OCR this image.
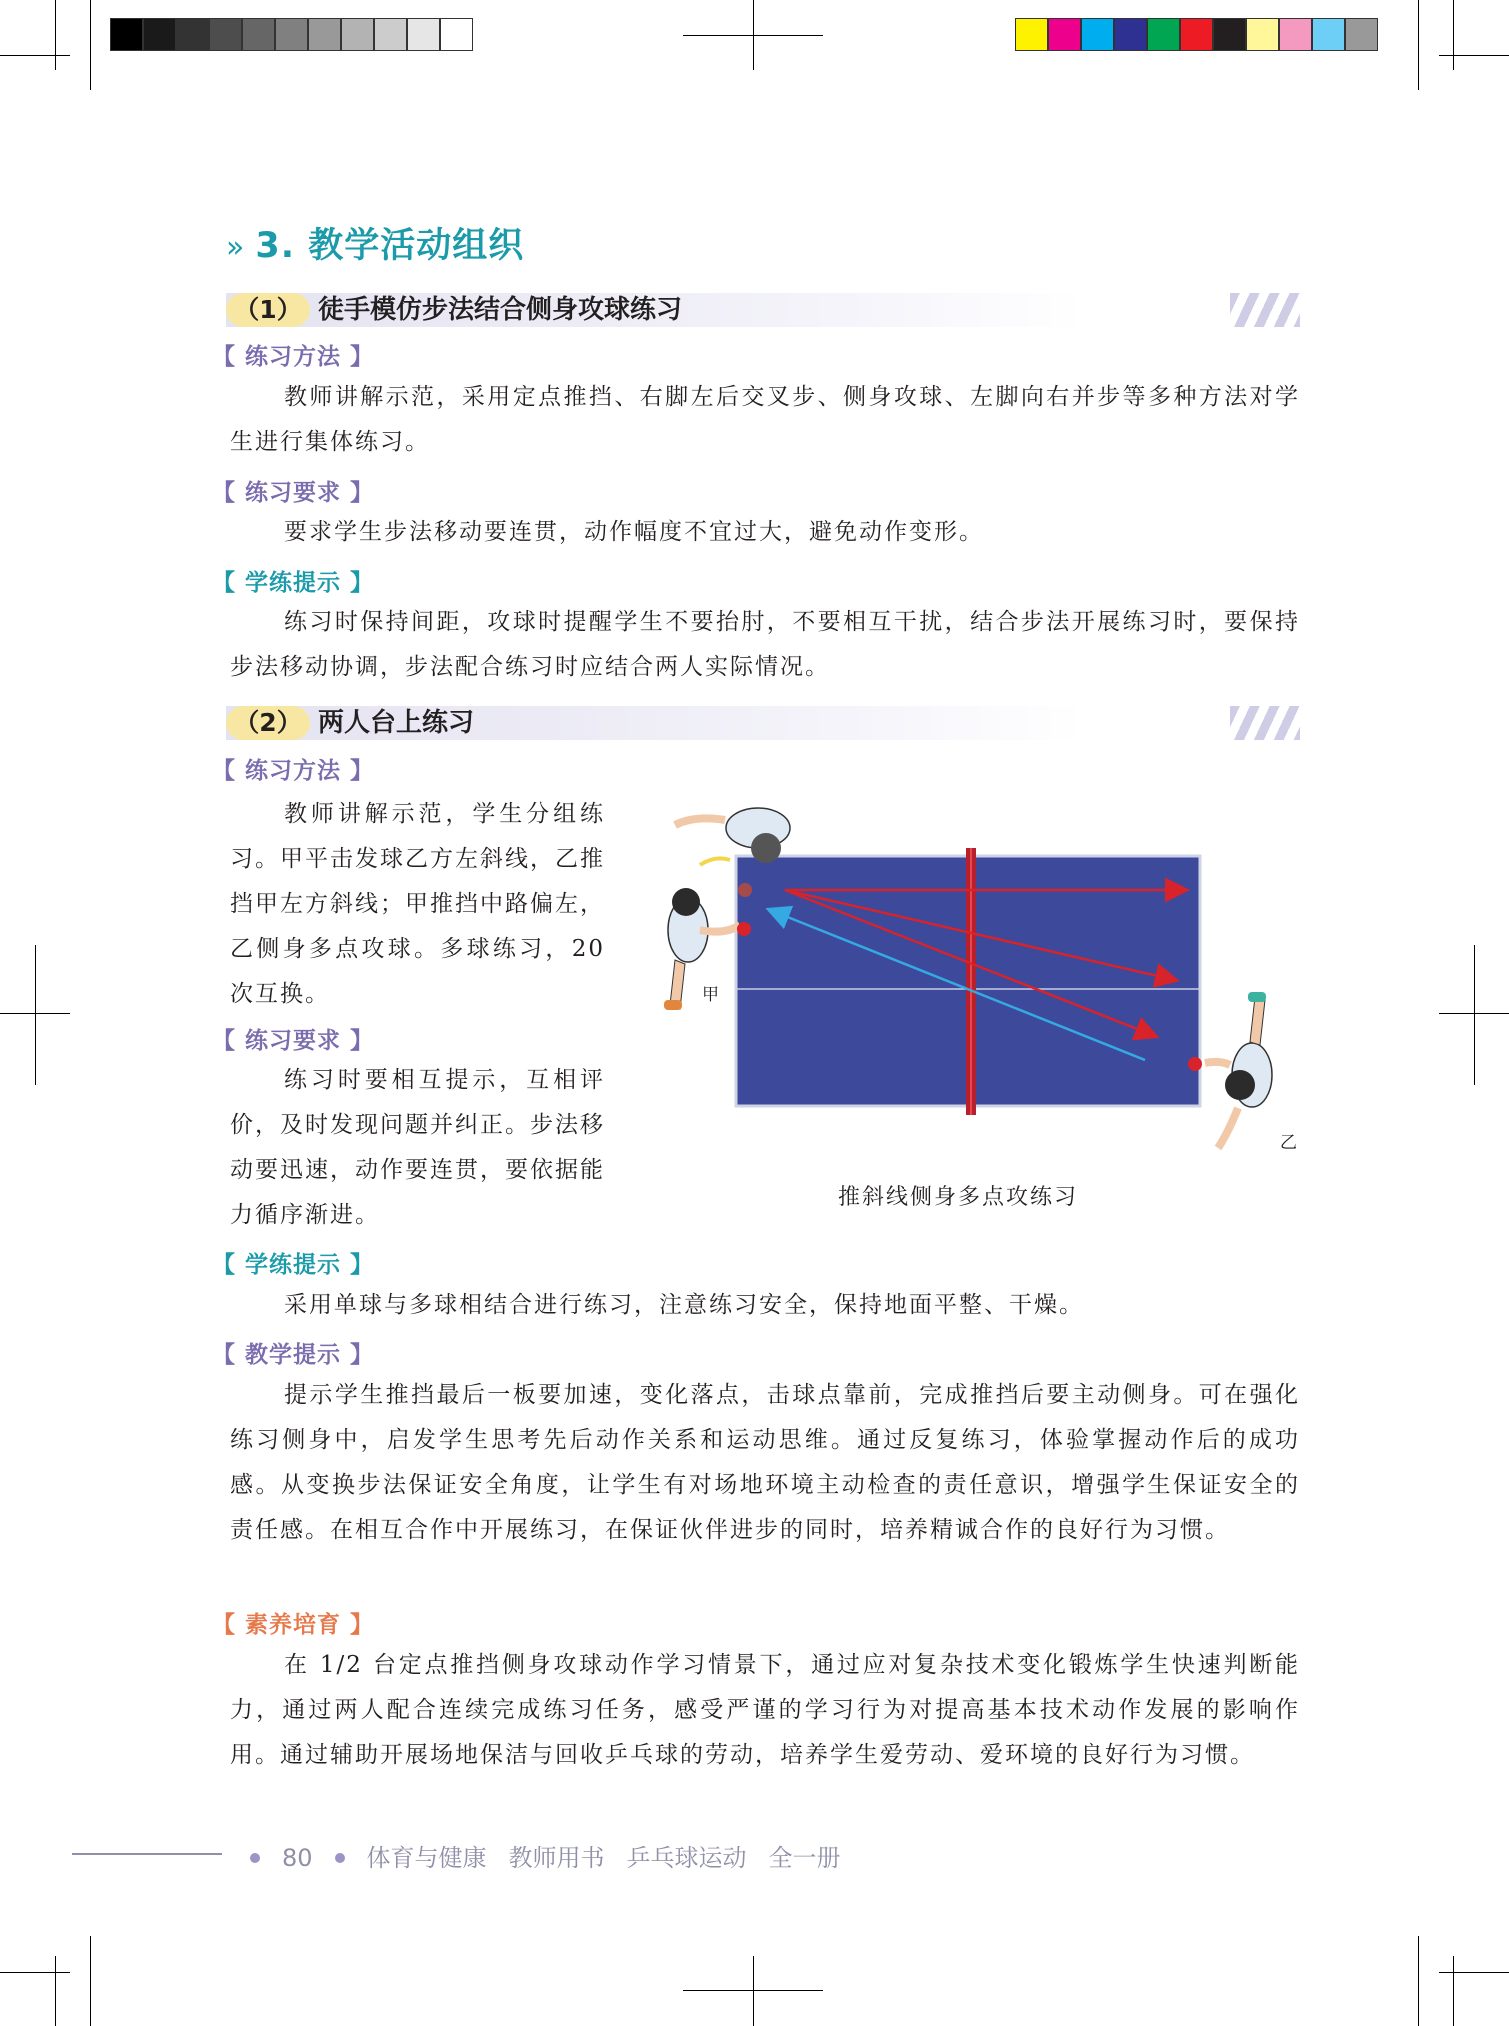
» 3. 教学活动组织
（1） 徒手模仿步法结合侧身攻球练习
【 练习方法 】

教师讲解示范，采用定点推挡、右脚左后交叉步、侧身攻球、左脚向右并步等多种方法对学生进行集体练习。

【 练习要求 】

要求学生步法移动要连贯，动作幅度不宜过大，避免动作变形。

【 学练提示 】

练习时保持间距，攻球时提醒学生不要抬肘，不要相互干扰，结合步法开展练习时，要保持步法移动协调，步法配合练习时应结合两人实际情况。

（2） 两人台上练习
【 练习方法 】

教师讲解示范，学生分组练习。甲平击发球乙方左斜线，乙推挡甲左方斜线；甲推挡中路偏左，乙侧身多点攻球。多球练习，20 次互换。

【 练习要求 】

练习时要相互提示，互相评价，及时发现问题并纠正。步法移动要迅速，动作要连贯，要依据能力循序渐进。

甲
乙
推斜线侧身多点攻练习
【 学练提示 】

采用单球与多球相结合进行练习，注意练习安全，保持地面平整、干燥。

【 教学提示 】

提示学生推挡最后一板要加速，变化落点，击球点靠前，完成推挡后要主动侧身。可在强化练习侧身中，启发学生思考先后动作关系和运动思维。通过反复练习，体验掌握动作后的成功感。从变换步法保证安全角度，让学生有对场地环境主动检查的责任意识，增强学生保证安全的责任感。在相互合作中开展练习，在保证伙伴进步的同时，培养精诚合作的良好行为习惯。

【 素养培育 】

在 1/2 台定点推挡侧身攻球动作学习情景下，通过应对复杂技术变化锻炼学生快速判断能力，通过两人配合连续完成练习任务，感受严谨的学习行为对提高基本技术动作发展的影响作用。通过辅助开展场地保洁与回收乒乓球的劳动，培养学生爱劳动、爱环境的良好行为习惯。

80 体育与健康 教师用书 乒乓球运动 全一册
